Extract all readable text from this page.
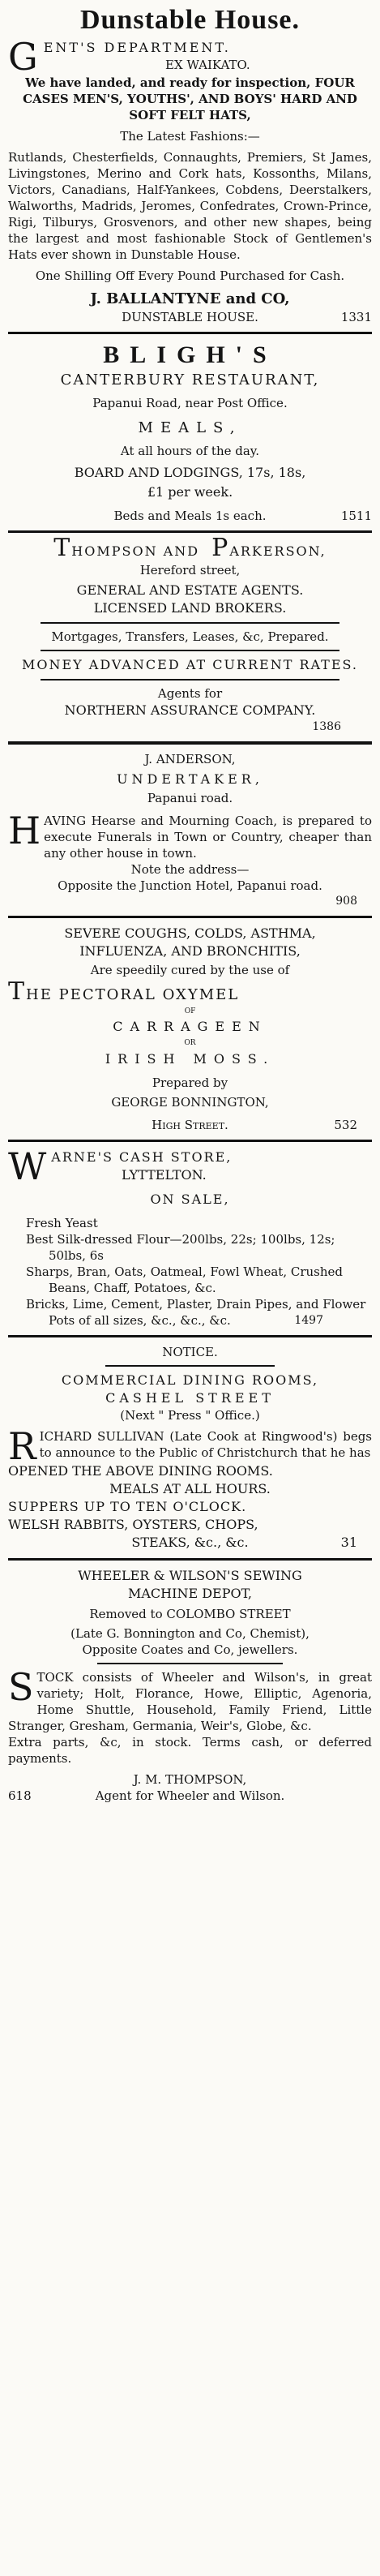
Dunstable House.

G ENT'S DEPARTMENT.

EX WAIKATO.

We have landed, and ready for inspection, FOUR CASES MEN'S, YOUTHS', AND BOYS' HARD AND SOFT FELT HATS,

The Latest Fashions:—

Rutlands, Chesterfields, Connaughts, Premiers, St James, Livingstones, Merino and Cork hats, Kossonths, Milans, Victors, Canadians, Half-Yankees, Cobdens, Deerstalkers, Walworths, Madrids, Jeromes, Confedrates, Crown-Prince, Rigi, Tilburys, Grosvenors, and other new shapes, being the largest and most fashionable Stock of Gentlemen's Hats ever shown in Dunstable House.

One Shilling Off Every Pound Purchased for Cash.

J. BALLANTYNE and CO,

DUNSTABLE HOUSE.	1331

BLIGH'S

CANTERBURY RESTAURANT,

Papanui Road, near Post Office.

MEALS,

At all hours of the day.

BOARD AND LODGINGS, 17s, 18s,

£1 per week.

Beds and Meals 1s each.	1511

THOMPSON AND PARKERSON,

Hereford street,

GENERAL AND ESTATE AGENTS.

LICENSED LAND BROKERS.

Mortgages, Transfers, Leases, &c, Prepared.

MONEY ADVANCED AT CURRENT RATES.

Agents for

NORTHERN ASSURANCE COMPANY.

1386

J. ANDERSON,

UNDERTAKER,

Papanui road.

HAVING Hearse and Mourning Coach, is prepared to execute Funerals in Town or Country, cheaper than any other house in town.

Note the address—

Opposite the Junction Hotel, Papanui road.

908

SEVERE COUGHS, COLDS, ASTHMA,

INFLUENZA, AND BRONCHITIS,

Are speedily cured by the use of

THE PECTORAL OXYMEL

OF

CARRAGEEN

OR

IRISH MOSS.

Prepared by

GEORGE BONNINGTON,

High Street.	532

WARNE'S CASH STORE,

LYTTELTON.

ON SALE,

Fresh Yeast

Best Silk-dressed Flour—200lbs, 22s; 100lbs, 12s; 50lbs, 6s

Sharps, Bran, Oats, Oatmeal, Fowl Wheat, Crushed Beans, Chaff, Potatoes, &c.

Bricks, Lime, Cement, Plaster, Drain Pipes, and Flower Pots of all sizes, &c., &c., &c.	1497

NOTICE.

COMMERCIAL DINING ROOMS,

CASHEL STREET

(Next " Press " Office.)

RICHARD SULLIVAN (Late Cook at Ringwood's) begs to announce to the Public of Christchurch that he has

OPENED THE ABOVE DINING ROOMS.

MEALS AT ALL HOURS.

SUPPERS UP TO TEN O'CLOCK.

WELSH RABBITS, OYSTERS, CHOPS,

STEAKS, &c., &c.	31

WHEELER & WILSON'S SEWING

MACHINE DEPOT,

Removed to COLOMBO STREET

(Late G. Bonnington and Co, Chemist),

Opposite Coates and Co, jewellers.

STOCK consists of Wheeler and Wilson's, in great variety; Holt, Florance, Howe, Elliptic, Agenoria, Home Shuttle, Household, Family Friend, Little Stranger, Gresham, Germania, Weir's, Globe, &c.

Extra parts, &c, in stock. Terms cash, or deferred payments.

J. M. THOMPSON,

618	Agent for Wheeler and Wilson.
